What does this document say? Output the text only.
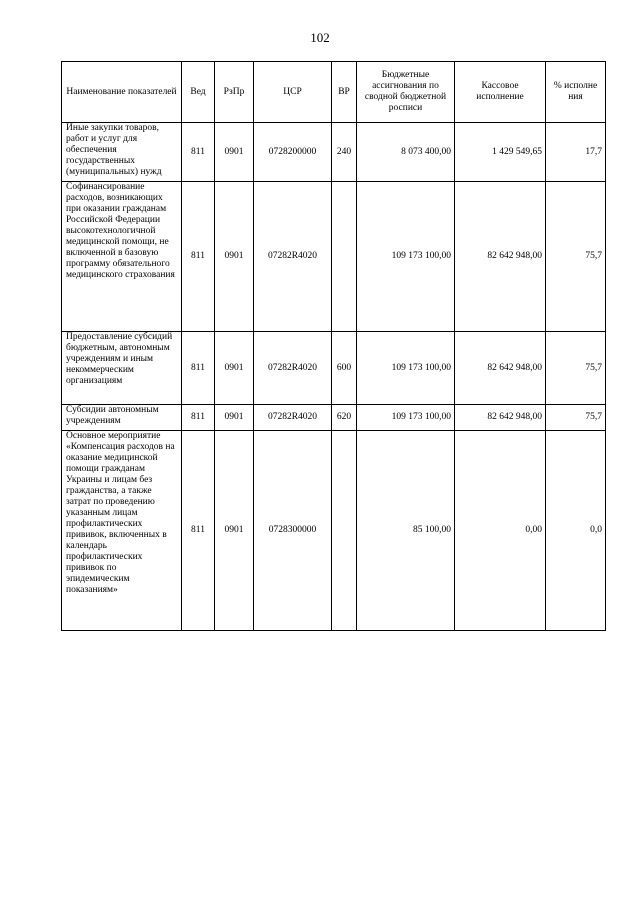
102
Наименование показателей	Вед	РзПр	ЦСР	ВР	Бюджетные ассигнования по сводной бюджетной росписи	Кассовое исполнение	% исполне ния
Иные закупки товаров, работ и услуг для обеспечения государственных (муниципальных) нужд	811	0901	0728200000	240	8 073 400,00	1 429 549,65	17,7
Софинансирование расходов, возникающих при оказании гражданам Российской Федерации высокотехнологичной медицинской помощи, не включенной в базовую программу обязательного медицинского страхования	811	0901	07282R4020		109 173 100,00	82 642 948,00	75,7
Предоставление субсидий бюджетным, автономным учреждениям и иным некоммерческим организациям	811	0901	07282R4020	600	109 173 100,00	82 642 948,00	75,7
Субсидии автономным учреждениям	811	0901	07282R4020	620	109 173 100,00	82 642 948,00	75,7
Основное мероприятие «Компенсация расходов на оказание медицинской помощи гражданам Украины и лицам без гражданства, а также затрат по проведению указанным лицам профилактических прививок, включенных в календарь профилактических прививок по эпидемическим показаниям»	811	0901	0728300000		85 100,00	0,00	0,0
